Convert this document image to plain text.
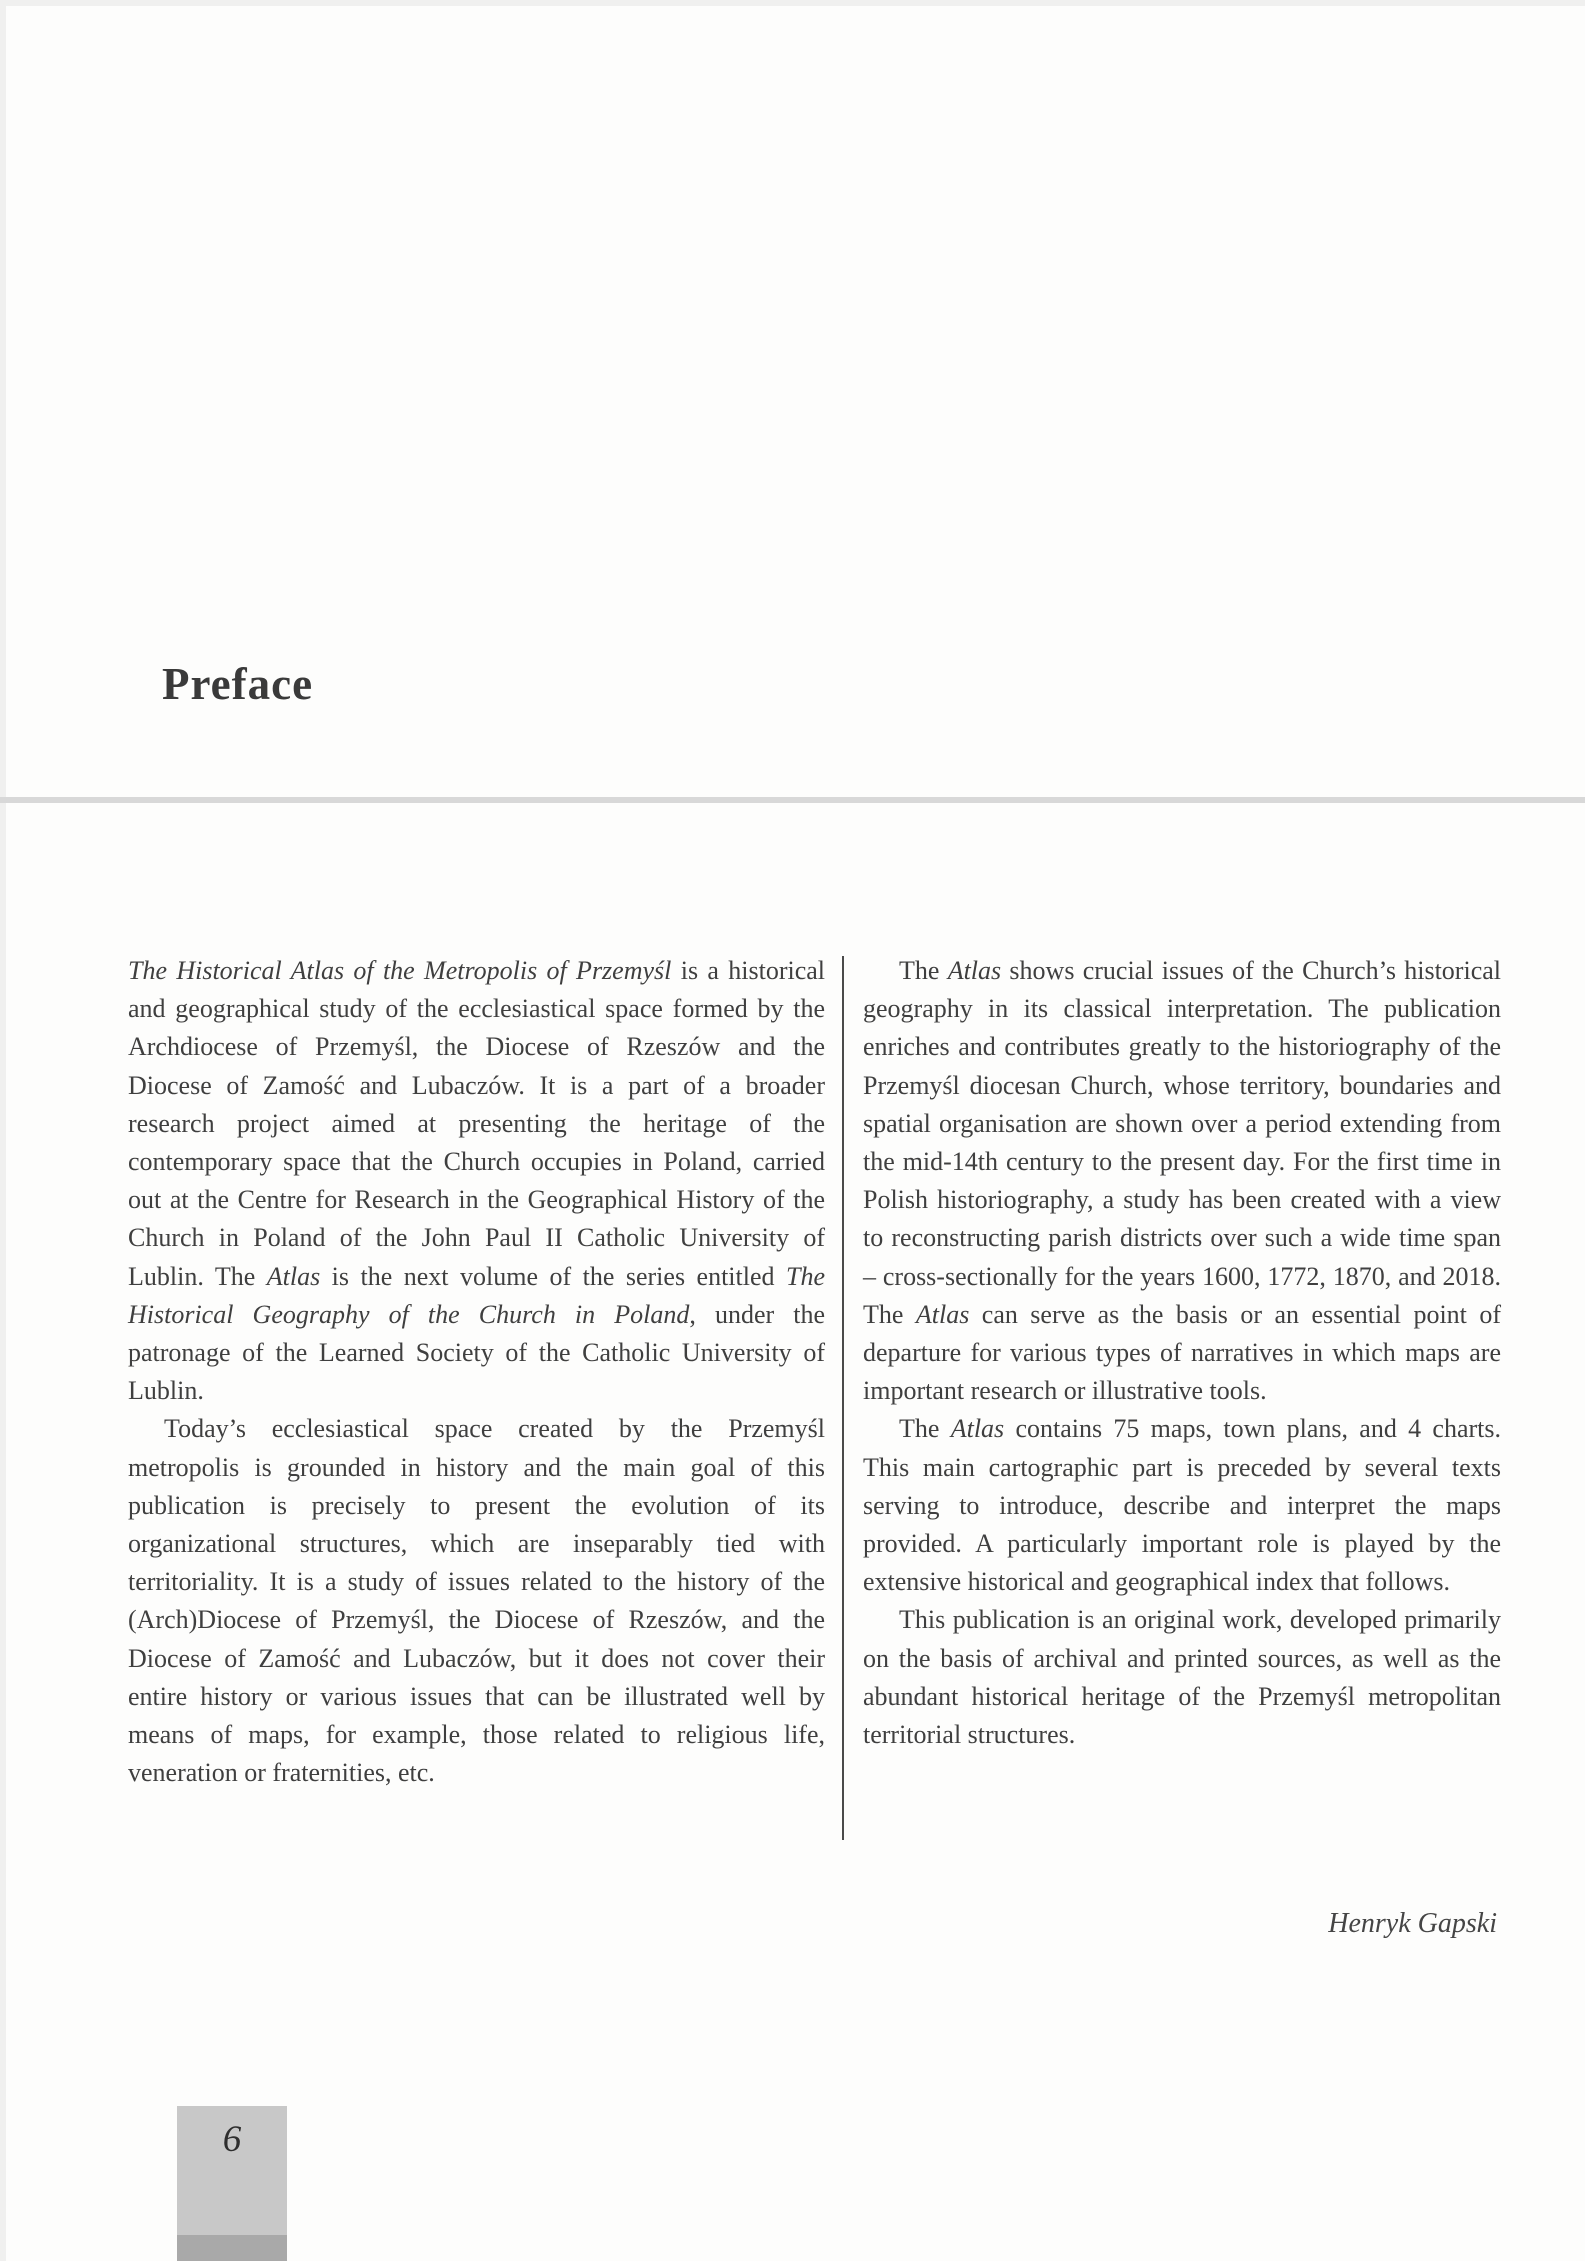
Preface

The Historical Atlas of the Metropolis of Przemyśl is a historical and geographical study of the ecclesiastical space formed by the Archdiocese of Przemyśl, the Diocese of Rzeszów and the Diocese of Zamość and Lubaczów. It is a part of a broader research project aimed at presenting the heritage of the contemporary space that the Church occupies in Poland, carried out at the Centre for Research in the Geographical History of the Church in Poland of the John Paul II Catholic University of Lublin. The Atlas is the next volume of the series entitled The Historical Geography of the Church in Poland, under the patronage of the Learned Society of the Catholic University of Lublin.

Today’s ecclesiastical space created by the Przemyśl metropolis is grounded in history and the main goal of this publication is precisely to present the evolution of its organizational structures, which are inseparably tied with territoriality. It is a study of issues related to the history of the (Arch)Diocese of Przemyśl, the Diocese of Rzeszów, and the Diocese of Zamość and Lubaczów, but it does not cover their entire history or various issues that can be illustrated well by means of maps, for example, those related to religious life, veneration or fraternities, etc.

The Atlas shows crucial issues of the Church’s historical geography in its classical interpretation. The publication enriches and contributes greatly to the historiography of the Przemyśl diocesan Church, whose territory, boundaries and spatial organisation are shown over a period extending from the mid-14th century to the present day. For the first time in Polish historiography, a study has been created with a view to reconstructing parish districts over such a wide time span – cross-sectionally for the years 1600, 1772, 1870, and 2018. The Atlas can serve as the basis or an essential point of departure for various types of narratives in which maps are important research or illustrative tools.

The Atlas contains 75 maps, town plans, and 4 charts. This main cartographic part is preceded by several texts serving to introduce, describe and interpret the maps provided. A particularly important role is played by the extensive historical and geographical index that follows.

This publication is an original work, developed primarily on the basis of archival and printed sources, as well as the abundant historical heritage of the Przemyśl metropolitan territorial structures.

Henryk Gapski
6
